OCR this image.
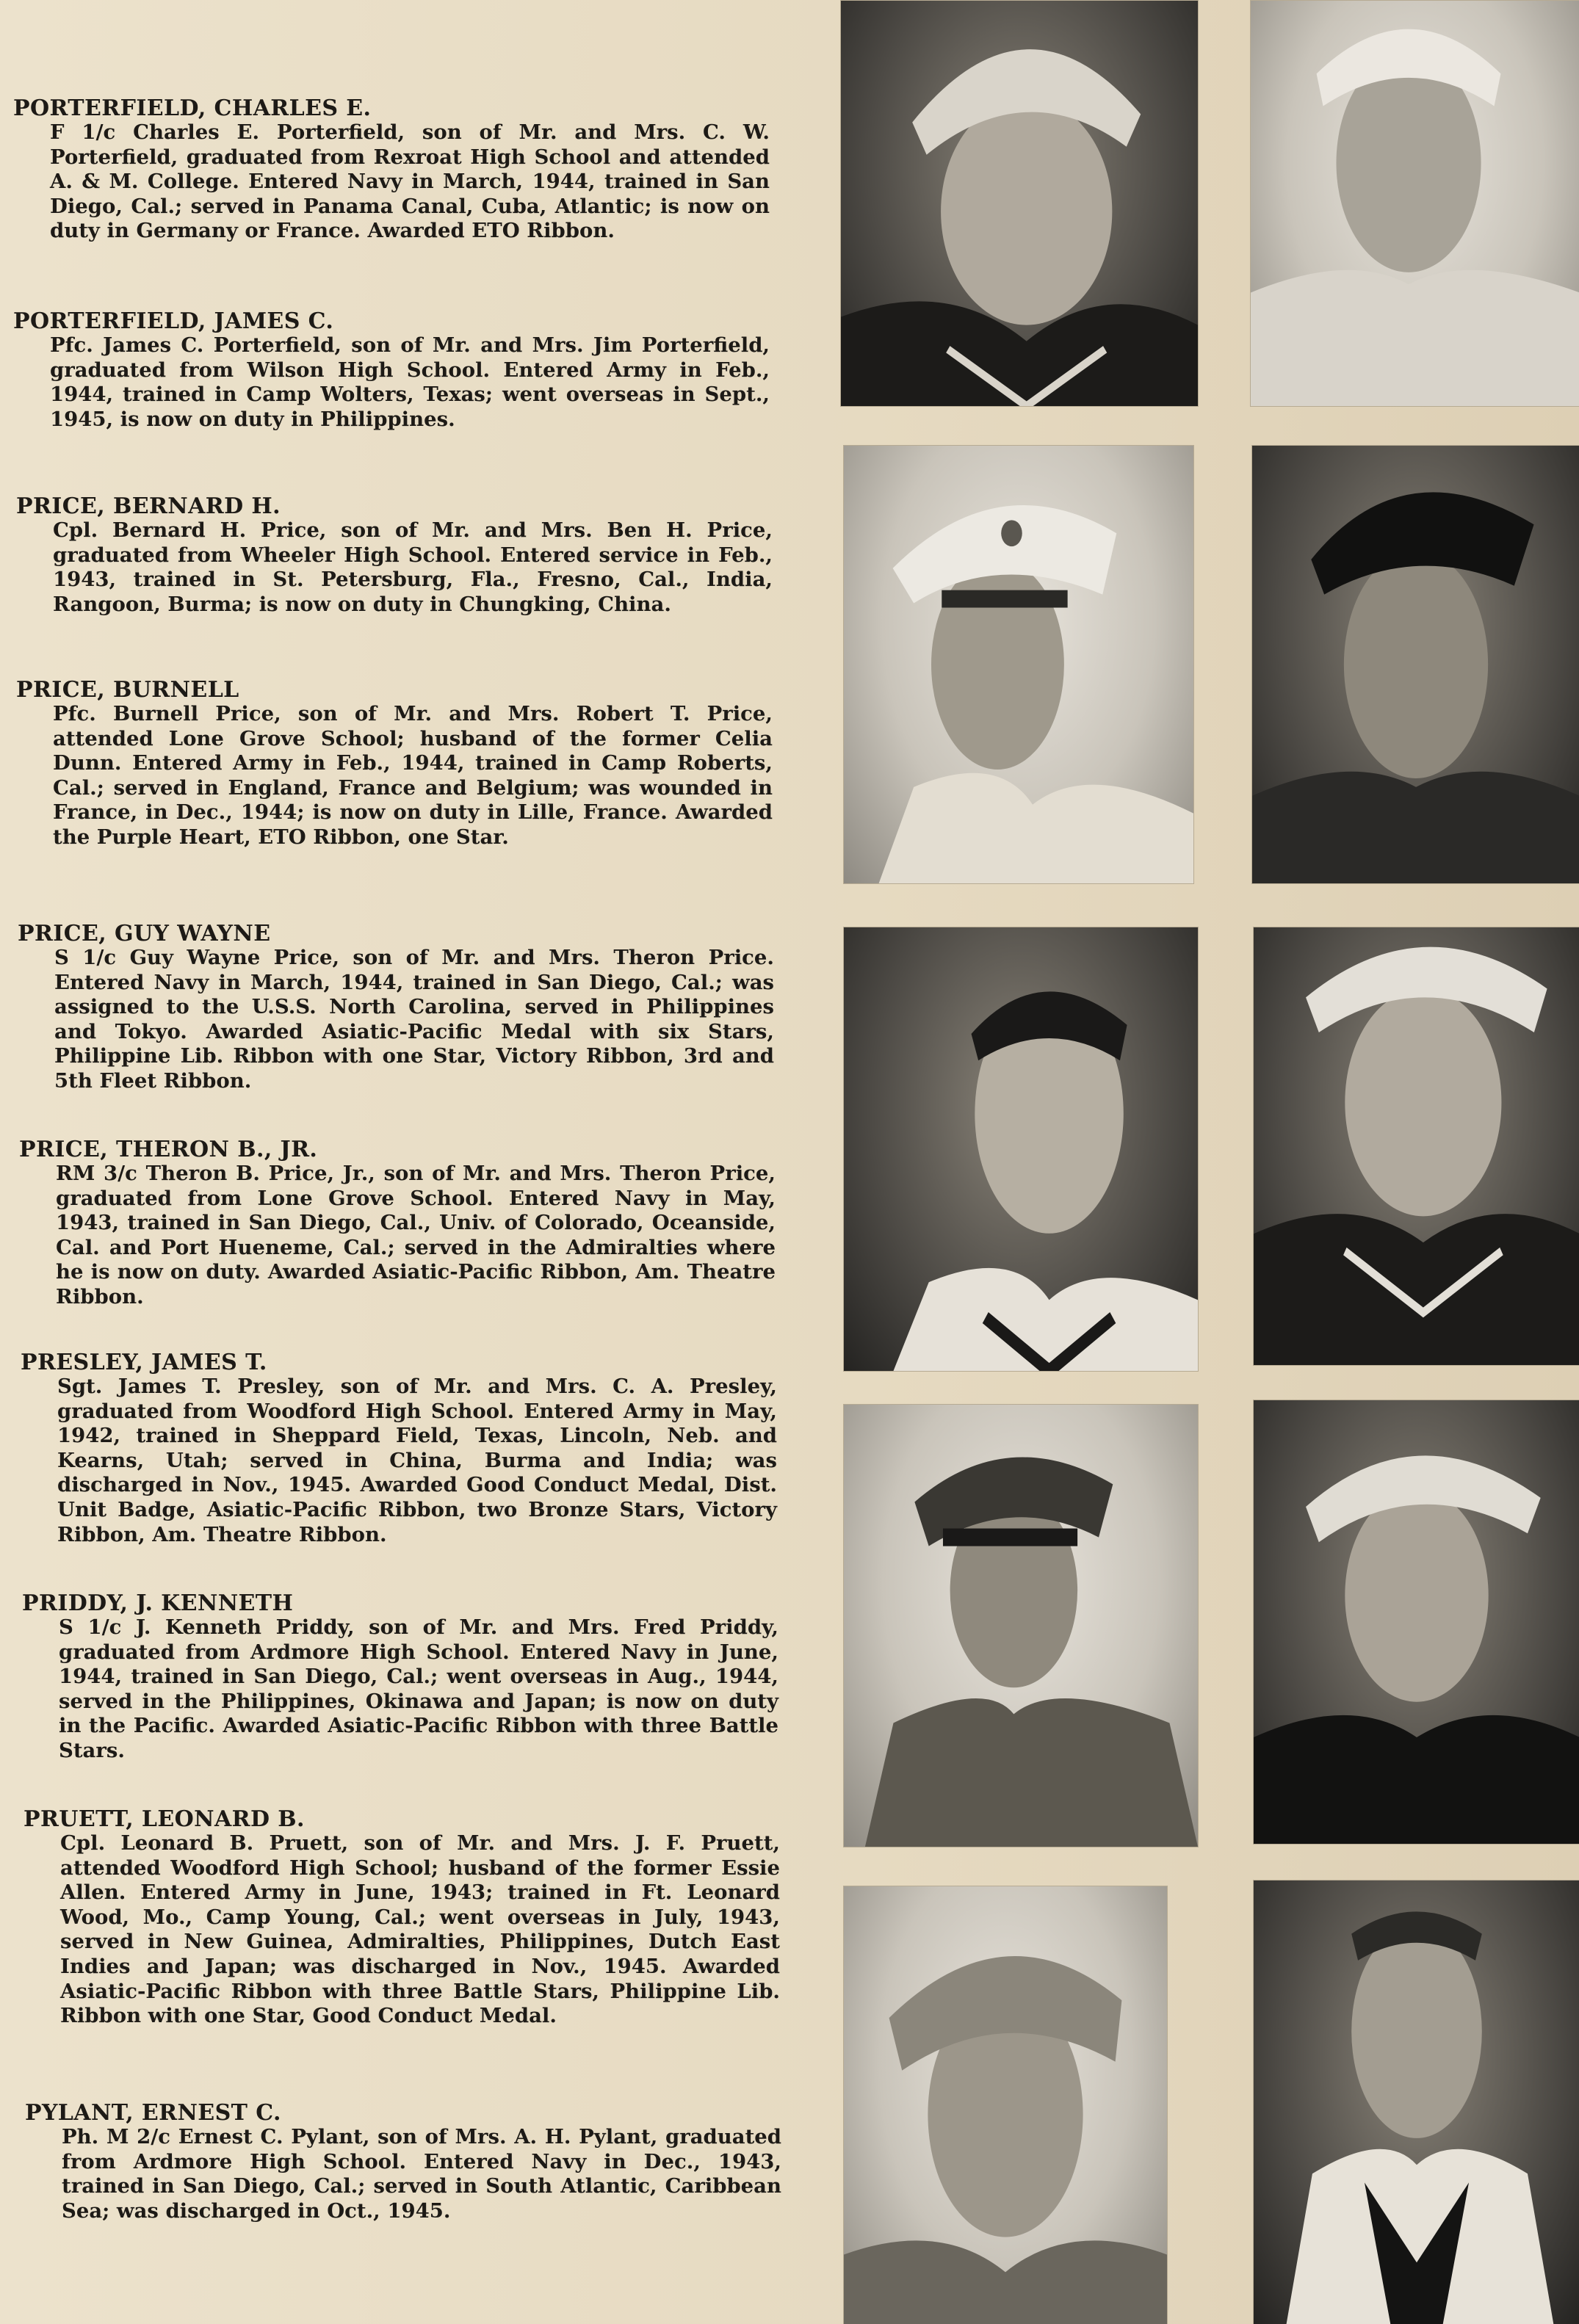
PORTERFIELD, CHARLES E.
F 1/c Charles E. Porterfield, son of Mr. and Mrs. C. W. Porterfield, graduated from Rexroat High School and attended A. & M. College. Entered Navy in March, 1944, trained in San Diego, Cal.; served in Panama Canal, Cuba, Atlantic; is now on duty in Germany or France. Awarded ETO Ribbon.
PORTERFIELD, JAMES C.
Pfc. James C. Porterfield, son of Mr. and Mrs. Jim Porterfield, graduated from Wilson High School. Entered Army in Feb., 1944, trained in Camp Wolters, Texas; went overseas in Sept., 1945, is now on duty in Philippines.
PRICE, BERNARD H.
Cpl. Bernard H. Price, son of Mr. and Mrs. Ben H. Price, graduated from Wheeler High School. Entered service in Feb., 1943, trained in St. Petersburg, Fla., Fresno, Cal., India, Rangoon, Burma; is now on duty in Chungking, China.
PRICE, BURNELL
Pfc. Burnell Price, son of Mr. and Mrs. Robert T. Price, attended Lone Grove School; husband of the former Celia Dunn. Entered Army in Feb., 1944, trained in Camp Roberts, Cal.; served in England, France and Belgium; was wounded in France, in Dec., 1944; is now on duty in Lille, France. Awarded the Purple Heart, ETO Ribbon, one Star.
PRICE, GUY WAYNE
S 1/c Guy Wayne Price, son of Mr. and Mrs. Theron Price. Entered Navy in March, 1944, trained in San Diego, Cal.; was assigned to the U.S.S. North Carolina, served in Philippines and Tokyo. Awarded Asiatic-Pacific Medal with six Stars, Philippine Lib. Ribbon with one Star, Victory Ribbon, 3rd and 5th Fleet Ribbon.
PRICE, THERON B., JR.
RM 3/c Theron B. Price, Jr., son of Mr. and Mrs. Theron Price, graduated from Lone Grove School. Entered Navy in May, 1943, trained in San Diego, Cal., Univ. of Colorado, Oceanside, Cal. and Port Hueneme, Cal.; served in the Admiralties where he is now on duty. Awarded Asiatic-Pacific Ribbon, Am. Theatre Ribbon.
PRESLEY, JAMES T.
Sgt. James T. Presley, son of Mr. and Mrs. C. A. Presley, graduated from Woodford High School. Entered Army in May, 1942, trained in Sheppard Field, Texas, Lincoln, Neb. and Kearns, Utah; served in China, Burma and India; was discharged in Nov., 1945. Awarded Good Conduct Medal, Dist. Unit Badge, Asiatic-Pacific Ribbon, two Bronze Stars, Victory Ribbon, Am. Theatre Ribbon.
PRIDDY, J. KENNETH
S 1/c J. Kenneth Priddy, son of Mr. and Mrs. Fred Priddy, graduated from Ardmore High School. Entered Navy in June, 1944, trained in San Diego, Cal.; went overseas in Aug., 1944, served in the Philippines, Okinawa and Japan; is now on duty in the Pacific. Awarded Asiatic-Pacific Ribbon with three Battle Stars.
PRUETT, LEONARD B.
Cpl. Leonard B. Pruett, son of Mr. and Mrs. J. F. Pruett, attended Woodford High School; husband of the former Essie Allen. Entered Army in June, 1943; trained in Ft. Leonard Wood, Mo., Camp Young, Cal.; went overseas in July, 1943, served in New Guinea, Admiralties, Philippines, Dutch East Indies and Japan; was discharged in Nov., 1945. Awarded Asiatic-Pacific Ribbon with three Battle Stars, Philippine Lib. Ribbon with one Star, Good Conduct Medal.
PYLANT, ERNEST C.
Ph. M 2/c Ernest C. Pylant, son of Mrs. A. H. Pylant, graduated from Ardmore High School. Entered Navy in Dec., 1943, trained in San Diego, Cal.; served in South Atlantic, Caribbean Sea; was discharged in Oct., 1945.
